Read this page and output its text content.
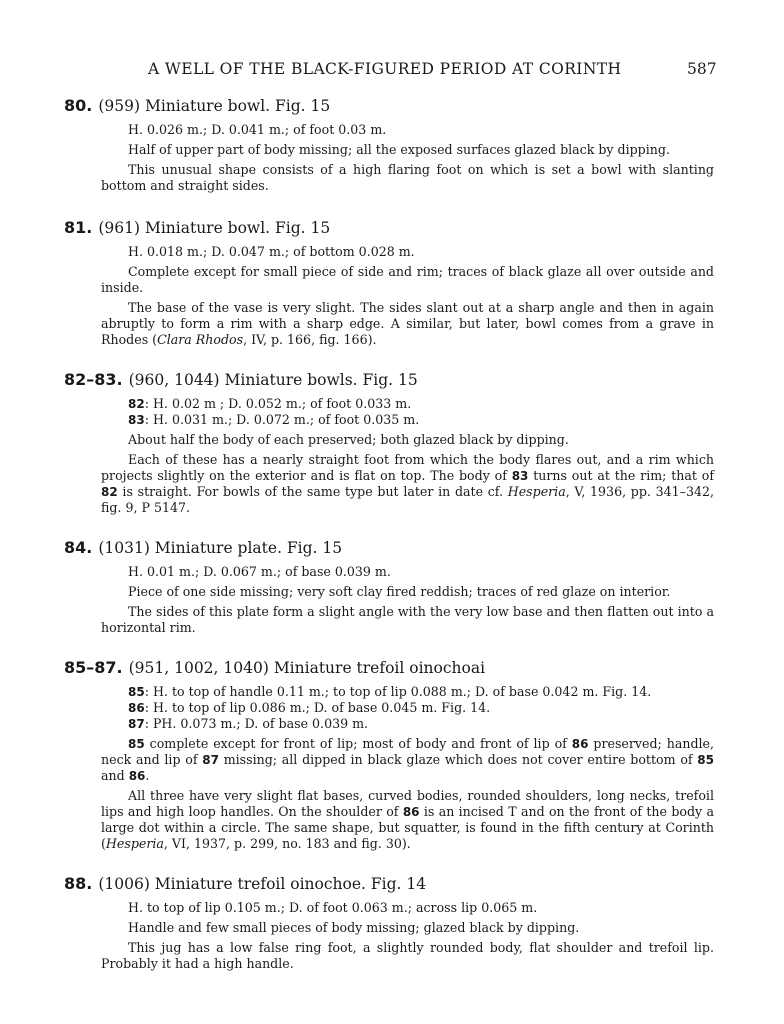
A WELL OF THE BLACK-FIGURED PERIOD AT CORINTH	587

80. (959) Miniature bowl. Fig. 15

H. 0.026 m.; D. 0.041 m.; of foot 0.03 m.

Half of upper part of body missing; all the exposed surfaces glazed black by dipping.

This unusual shape consists of a high flaring foot on which is set a bowl with slanting bottom and straight sides.

81. (961) Miniature bowl. Fig. 15

H. 0.018 m.; D. 0.047 m.; of bottom 0.028 m.

Complete except for small piece of side and rim; traces of black glaze all over outside and inside.

The base of the vase is very slight. The sides slant out at a sharp angle and then in again abruptly to form a rim with a sharp edge. A similar, but later, bowl comes from a grave in Rhodes (Clara Rhodos, IV, p. 166, fig. 166).

82–83. (960, 1044) Miniature bowls. Fig. 15

82: H. 0.02 m ; D. 0.052 m.; of foot 0.033 m.

83: H. 0.031 m.; D. 0.072 m.; of foot 0.035 m.

About half the body of each preserved; both glazed black by dipping.

Each of these has a nearly straight foot from which the body flares out, and a rim which projects slightly on the exterior and is flat on top. The body of 83 turns out at the rim; that of 82 is straight. For bowls of the same type but later in date cf. Hesperia, V, 1936, pp. 341–342, fig. 9, P 5147.

84. (1031) Miniature plate. Fig. 15

H. 0.01 m.; D. 0.067 m.; of base 0.039 m.

Piece of one side missing; very soft clay fired reddish; traces of red glaze on interior.

The sides of this plate form a slight angle with the very low base and then flatten out into a horizontal rim.

85–87. (951, 1002, 1040) Miniature trefoil oinochoai

85: H. to top of handle 0.11 m.; to top of lip 0.088 m.; D. of base 0.042 m. Fig. 14.

86: H. to top of lip 0.086 m.; D. of base 0.045 m. Fig. 14.

87: PH. 0.073 m.; D. of base 0.039 m.

85 complete except for front of lip; most of body and front of lip of 86 preserved; handle, neck and lip of 87 missing; all dipped in black glaze which does not cover entire bottom of 85 and 86.

All three have very slight flat bases, curved bodies, rounded shoulders, long necks, trefoil lips and high loop handles. On the shoulder of 86 is an incised T and on the front of the body a large dot within a circle. The same shape, but squatter, is found in the fifth century at Corinth (Hesperia, VI, 1937, p. 299, no. 183 and fig. 30).

88. (1006) Miniature trefoil oinochoe. Fig. 14

H. to top of lip 0.105 m.; D. of foot 0.063 m.; across lip 0.065 m.

Handle and few small pieces of body missing; glazed black by dipping.

This jug has a low false ring foot, a slightly rounded body, flat shoulder and trefoil lip. Probably it had a high handle.
